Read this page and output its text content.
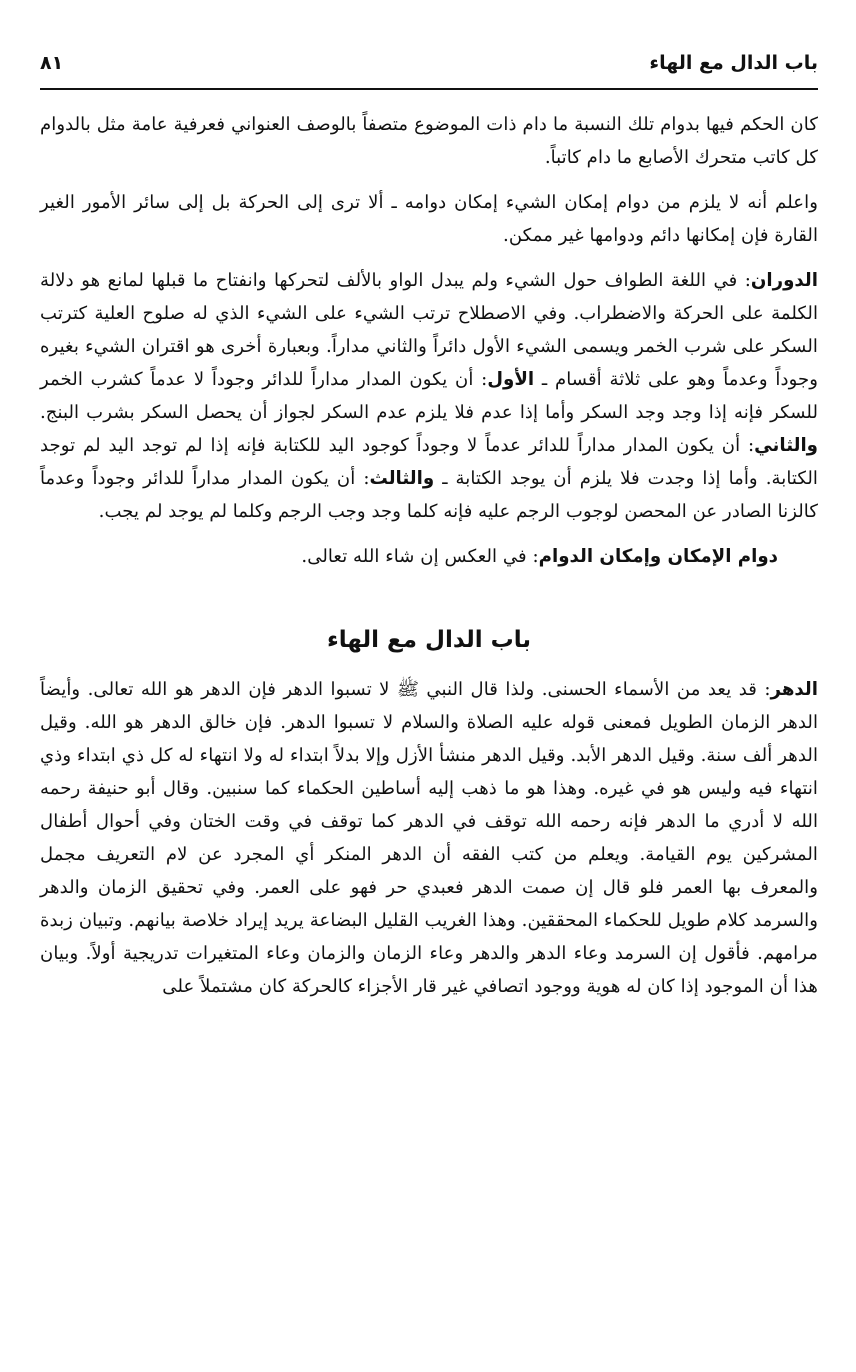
باب الدال مع الهاء
٨١

كان الحكم فيها بدوام تلك النسبة ما دام ذات الموضوع متصفاً بالوصف العنواني فعرفية عامة مثل بالدوام كل كاتب متحرك الأصابع ما دام كاتباً.

واعلم أنه لا يلزم من دوام إمكان الشيء إمكان دوامه ـ ألا ترى إلى الحركة بل إلى سائر الأمور الغير القارة فإن إمكانها دائم ودوامها غير ممكن.

الدوران: في اللغة الطواف حول الشيء ولم يبدل الواو بالألف لتحركها وانفتاح ما قبلها لمانع هو دلالة الكلمة على الحركة والاضطراب. وفي الاصطلاح ترتب الشيء على الشيء الذي له صلوح العلية كترتب السكر على شرب الخمر ويسمى الشيء الأول دائراً والثاني مداراً. وبعبارة أخرى هو اقتران الشيء بغيره وجوداً وعدماً وهو على ثلاثة أقسام ـ الأول: أن يكون المدار مداراً للدائر وجوداً لا عدماً كشرب الخمر للسكر فإنه إذا وجد وجد السكر وأما إذا عدم فلا يلزم عدم السكر لجواز أن يحصل السكر بشرب البنج. والثاني: أن يكون المدار مداراً للدائر عدماً لا وجوداً كوجود اليد للكتابة فإنه إذا لم توجد اليد لم توجد الكتابة. وأما إذا وجدت فلا يلزم أن يوجد الكتابة ـ والثالث: أن يكون المدار مداراً للدائر وجوداً وعدماً كالزنا الصادر عن المحصن لوجوب الرجم عليه فإنه كلما وجد وجب الرجم وكلما لم يوجد لم يجب.

دوام الإمكان وإمكان الدوام: في العكس إن شاء الله تعالى.

باب الدال مع الهاء

الدهر: قد يعد من الأسماء الحسنى. ولذا قال النبي ﷺ لا تسبوا الدهر فإن الدهر هو الله تعالى. وأيضاً الدهر الزمان الطويل فمعنى قوله عليه الصلاة والسلام لا تسبوا الدهر. فإن خالق الدهر هو الله. وقيل الدهر ألف سنة. وقيل الدهر الأبد. وقيل الدهر منشأ الأزل وإلا بدلاً ابتداء له ولا انتهاء له كل ذي ابتداء وذي انتهاء فيه وليس هو في غيره. وهذا هو ما ذهب إليه أساطين الحكماء كما سنبين. وقال أبو حنيفة رحمه الله لا أدري ما الدهر فإنه رحمه الله توقف في الدهر كما توقف في وقت الختان وفي أحوال أطفال المشركين يوم القيامة. ويعلم من كتب الفقه أن الدهر المنكر أي المجرد عن لام التعريف مجمل والمعرف بها العمر فلو قال إن صمت الدهر فعبدي حر فهو على العمر. وفي تحقيق الزمان والدهر والسرمد كلام طويل للحكماء المحققين. وهذا الغريب القليل البضاعة يريد إيراد خلاصة بيانهم. وتبيان زبدة مرامهم. فأقول إن السرمد وعاء الدهر والدهر وعاء الزمان والزمان وعاء المتغيرات تدريجية أولاً. وبيان هذا أن الموجود إذا كان له هوية ووجود اتصافي غير قار الأجزاء كالحركة كان مشتملاً على
